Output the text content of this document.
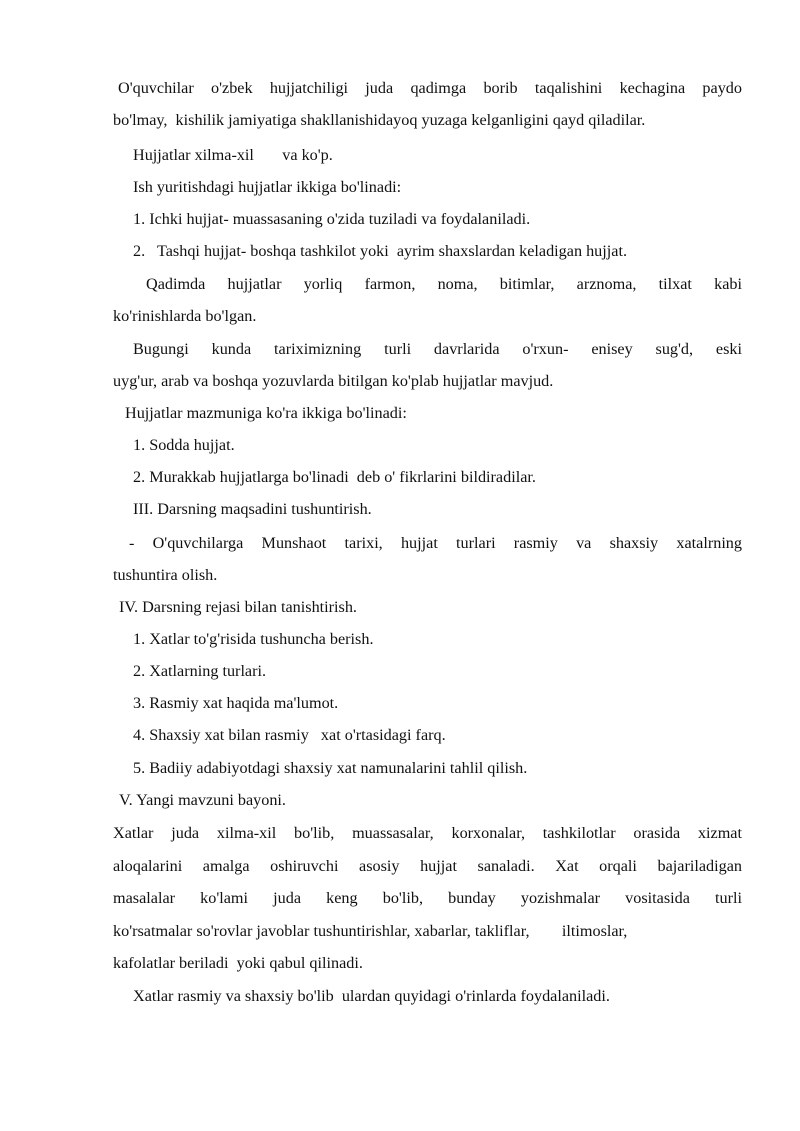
O'quvchilar o'zbek hujjatchiligi juda qadimga borib taqalishini kechagina paydo
bo'lmay,  kishilik jamiyatiga shakllanishidayoq yuzaga kelganligini qayd qiladilar.
Hujjatlar xilma-xil       va ko'p.
Ish yuritishdagi hujjatlar ikkiga bo'linadi:
1. Ichki hujjat- muassasaning o'zida tuziladi va foydalaniladi.
2.   Tashqi hujjat- boshqa tashkilot yoki  ayrim shaxslardan keladigan hujjat.
Qadimda hujjatlar yorliq farmon, noma, bitimlar, arznoma, tilxat kabi
ko'rinishlarda bo'lgan.
Bugungi kunda tariximizning turli davrlarida o'rxun- enisey sug'd, eski
uyg'ur, arab va boshqa yozuvlarda bitilgan ko'plab hujjatlar mavjud.
Hujjatlar mazmuniga ko'ra ikkiga bo'linadi:
1. Sodda hujjat.
2. Murakkab hujjatlarga bo'linadi  deb o' fikrlarini bildiradilar.
III. Darsning maqsadini tushuntirish.
- O'quvchilarga Munshaot tarixi, hujjat turlari rasmiy va shaxsiy xatalrning
tushuntira olish.
IV. Darsning rejasi bilan tanishtirish.
1. Xatlar to'g'risida tushuncha berish.
2. Xatlarning turlari.
3. Rasmiy xat haqida ma'lumot.
4. Shaxsiy xat bilan rasmiy   xat o'rtasidagi farq.
5. Badiiy adabiyotdagi shaxsiy xat namunalarini tahlil qilish.
V. Yangi mavzuni bayoni.
Xatlar juda xilma-xil bo'lib, muassasalar, korxonalar, tashkilotlar orasida xizmat
aloqalarini amalga oshiruvchi asosiy hujjat sanaladi. Xat orqali bajariladigan
masalalar ko'lami juda keng bo'lib, bunday yozishmalar vositasida turli
ko'rsatmalar so'rovlar javoblar tushuntirishlar, xabarlar, takliflar,        iltimoslar,
kafolatlar beriladi  yoki qabul qilinadi.
Xatlar rasmiy va shaxsiy bo'lib  ulardan quyidagi o'rinlarda foydalaniladi.
